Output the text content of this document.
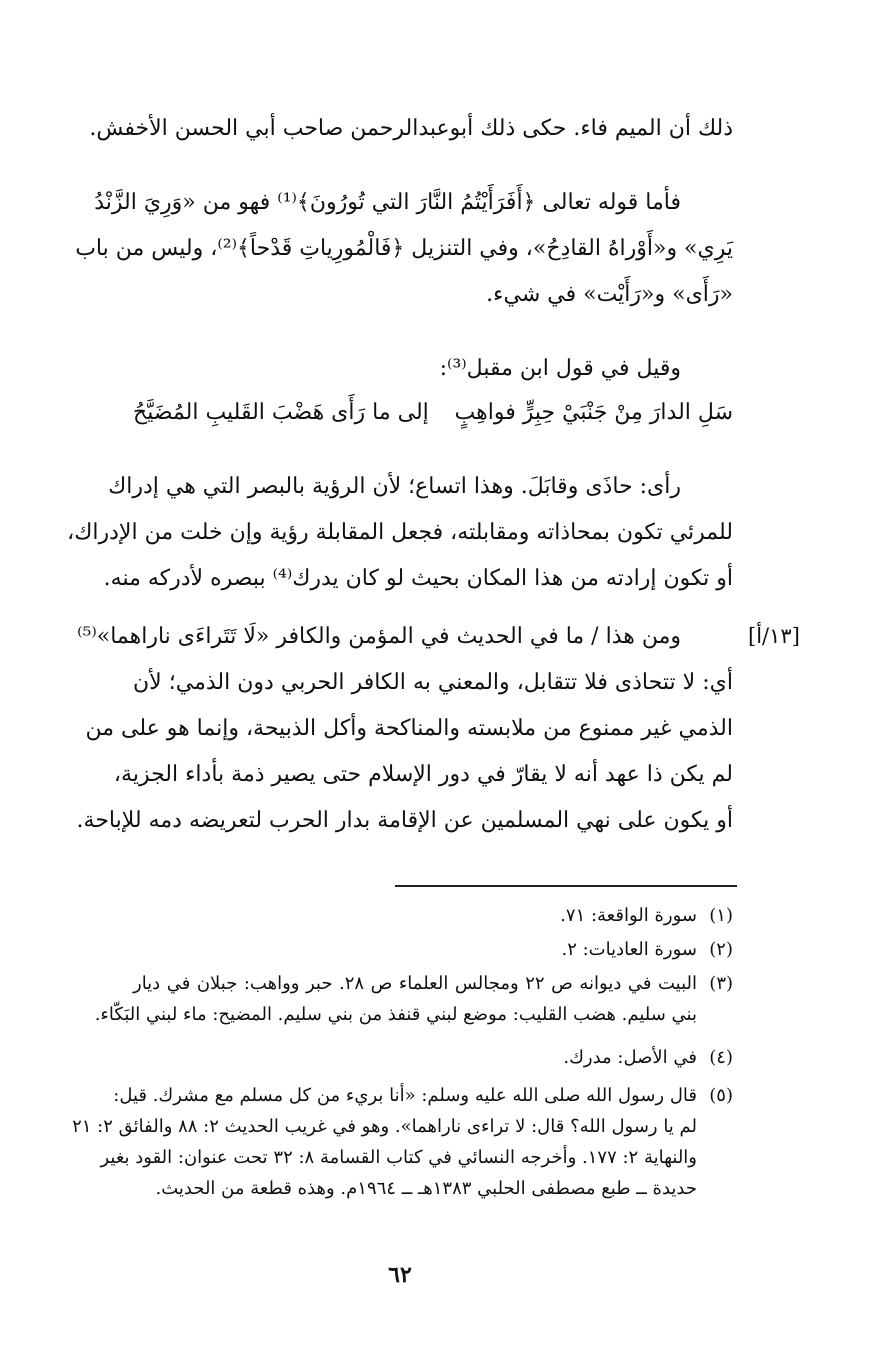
ذلك أن الميم فاء. حكى ذلك أبوعبدالرحمن صاحب أبي الحسن الأخفش.
فأما قوله تعالى ﴿أَفَرَأَيْتُمُ النَّارَ التي تُورُونَ﴾⁽¹⁾ فهو من «وَرِيَ الزَّنْدُ
يَرِي» و«أَوْراهُ القادِحُ»، وفي التنزيل ﴿فَالْمُورِياتِ قَدْحاً﴾⁽²⁾، وليس من باب
«رَأَى» و«رَأَيْت» في شيء.
وقيل في قول ابن مقبل⁽³⁾:
سَلِ الدارَ مِنْ جَنْبَيْ حِبِرٍّ فواهِبٍ
إلى ما رَأَى هَضْبَ القَليبِ المُضَيَّحُ
رأى: حاذَى وقابَلَ. وهذا اتساع؛ لأن الرؤية بالبصر التي هي إدراك
للمرئي تكون بمحاذاته ومقابلته، فجعل المقابلة رؤية وإن خلت من الإدراك،
أو تكون إرادته من هذا المكان بحيث لو كان يدرك⁽⁴⁾ ببصره لأدركه منه.
[١٣/أ]
ومن هذا / ما في الحديث في المؤمن والكافر «لَا تَتَراءَى ناراهما»⁽⁵⁾
أي: لا تتحاذى فلا تتقابل، والمعني به الكافر الحربي دون الذمي؛ لأن
الذمي غير ممنوع من ملابسته والمناكحة وأكل الذبيحة، وإنما هو على من
لم يكن ذا عهد أنه لا يقارّ في دور الإسلام حتى يصير ذمة بأداء الجزية،
أو يكون على نهي المسلمين عن الإقامة بدار الحرب لتعريضه دمه للإباحة.
(١)سورة الواقعة: ٧١.
(٢)سورة العاديات: ٢.
(٣)البيت في ديوانه ص ٢٢ ومجالس العلماء ص ٢٨. حبر وواهب: جبلان في ديار
بني سليم. هضب القليب: موضع لبني قنفذ من بني سليم. المضيح: ماء لبني البَكّاء.
(٤)في الأصل: مدرك.
(٥)قال رسول الله صلى الله عليه وسلم: «أنا بريء من كل مسلم مع مشرك. قيل:
لم يا رسول الله؟ قال: لا تراءى ناراهما». وهو في غريب الحديث ٢: ٨٨ والفائق ٢: ٢١
والنهاية ٢: ١٧٧. وأخرجه النسائي في كتاب القسامة ٨: ٣٢ تحت عنوان: القود بغير
حديدة ــ طبع مصطفى الحلبي ١٣٨٣هـ ــ ١٩٦٤م. وهذه قطعة من الحديث.
٦٢
